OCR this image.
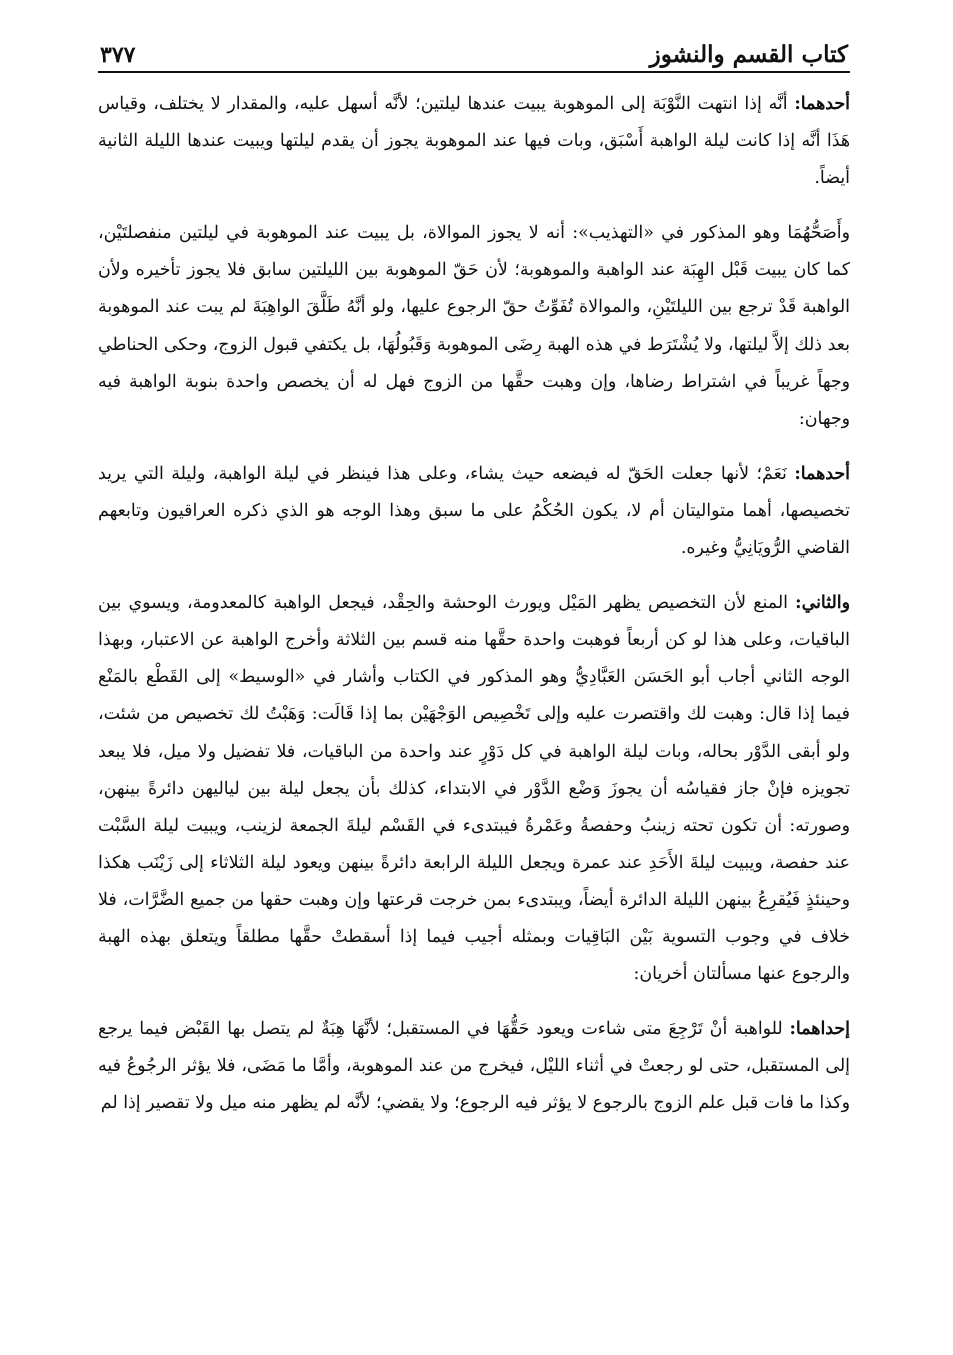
كتاب القسم والنشوز
٣٧٧

أحدهما: أنَّه إذا انتهت النَّوْبَة إلى الموهوبة يبيت عندها ليلتين؛ لأنَّه أسهل عليه، والمقدار لا يختلف، وقياس هَذَا أنَّه إذا كانت ليلة الواهبة أَسْبَق، وبات فيها عند الموهوبة يجوز أن يقدم ليلتها ويبيت عندها الليلة الثانية أيضاً.

وأَصَحُّهُمَا وهو المذكور في «التهذيب»: أنه لا يجوز الموالاة، بل يبيت عند الموهوبة في ليلتين منفصلتَيْن، كما كان يبيت قَبْل الهِبَة عند الواهبة والموهوبة؛ لأن حَقّ الموهوبة بين الليلتين سابق فلا يجوز تأخيره ولأن الواهبة قَدْ ترجع بين الليلتَيْنِ، والموالاة تُفَوِّتُ حقّ الرجوع عليها، ولو أنَّهُ طَلَّقَ الواهِبَةَ لم يبت عند الموهوبة بعد ذلك إلاَّ ليلتها، ولا يُشْتَرَط في هذه الهبة رِضَى الموهوبة وَقَبُولُهَا، بل يكتفي قبول الزوج، وحكى الحناطي وجهاً غريباً في اشتراط رضاها، وإن وهبت حقَّها من الزوج فهل له أن يخصص واحدة بنوبة الواهبة فيه وجهان:

أحدهما: نَعَمْ؛ لأنها جعلت الحَقّ له فيضعه حيث يشاء، وعلى هذا فينظر في ليلة الواهبة، وليلة التي يريد تخصيصها، أهما متواليتان أم لا، يكون الحُكْمُ على ما سبق وهذا الوجه هو الذي ذكره العراقيون وتابعهم القاضي الرُّويَانِيُّ وغيره.

والثاني: المنع لأن التخصيص يظهر المَيْل ويورث الوحشة والحِقْد، فيجعل الواهبة كالمعدومة، ويسوي بين الباقيات، وعلى هذا لو كن أربعاً فوهبت واحدة حقَّها منه قسم بين الثلاثة وأخرج الواهبة عن الاعتبار، وبهذا الوجه الثاني أجاب أبو الحَسَن العَبَّادِيُّ وهو المذكور في الكتاب وأشار في «الوسيط» إلى القَطْع بالمَنْع فيما إذا قال: وهبت لك واقتصرت عليه وإلى تَخْصِيص الوَجْهَيْن بما إذا قَالَت: وَهَبْتُ لك تخصيص من شئت، ولو أبقى الدَّوْر بحاله، وبات ليلة الواهبة في كل دَوْرٍ عند واحدة من الباقيات، فلا تفضيل ولا ميل، فلا يبعد تجويزه فإنْ جاز فقياسُه أن يجوزَ وَضْع الدَّوْر في الابتداء، كذلك بأن يجعل ليلة بين لياليهن دائرةً بينهن، وصورته: أن تكون تحته زينبُ وحفصةُ وعَمْرةُ فيبتدىء في القَسْم ليلةَ الجمعة لزينب، ويبيت ليلة السَّبْت عند حفصة، ويبيت ليلةَ الأَحَدِ عند عمرة ويجعل الليلة الرابعة دائرةً بينهن ويعود ليلة الثلاثاء إلى زَيْنَب هكذا وحينئذٍ فَيُقرِعُ بينهن الليلة الدائرة أيضاً، ويبتدىء بمن خرجت قرعتها وإن وهبت حقها من جميع الضَّرَّات، فلا خلاف في وجوب التسوية بَيْن البَاقِيات وبمثله أجيب فيما إذا أسقطتْ حقَّها مطلقاً ويتعلق بهذه الهبة والرجوع عنها مسألتان أخريان:

إحداهما: للواهبة أنْ تَرْجِعَ متى شاءت ويعود حَقُّهَا في المستقبل؛ لأنَّهَا هِبَةٌ لم يتصل بها القَبْض فيما يرجع إلى المستقبل، حتى لو رجعتْ في أثناء الليْل، فيخرج من عند الموهوبة، وأمَّا ما مَضَى، فلا يؤثر الرجُوعُ فيه وكذا ما فات قبل علم الزوج بالرجوع لا يؤثر فيه الرجوع؛ ولا يقضي؛ لأنَّه لم يظهر منه ميل ولا تقصير إذا لم
